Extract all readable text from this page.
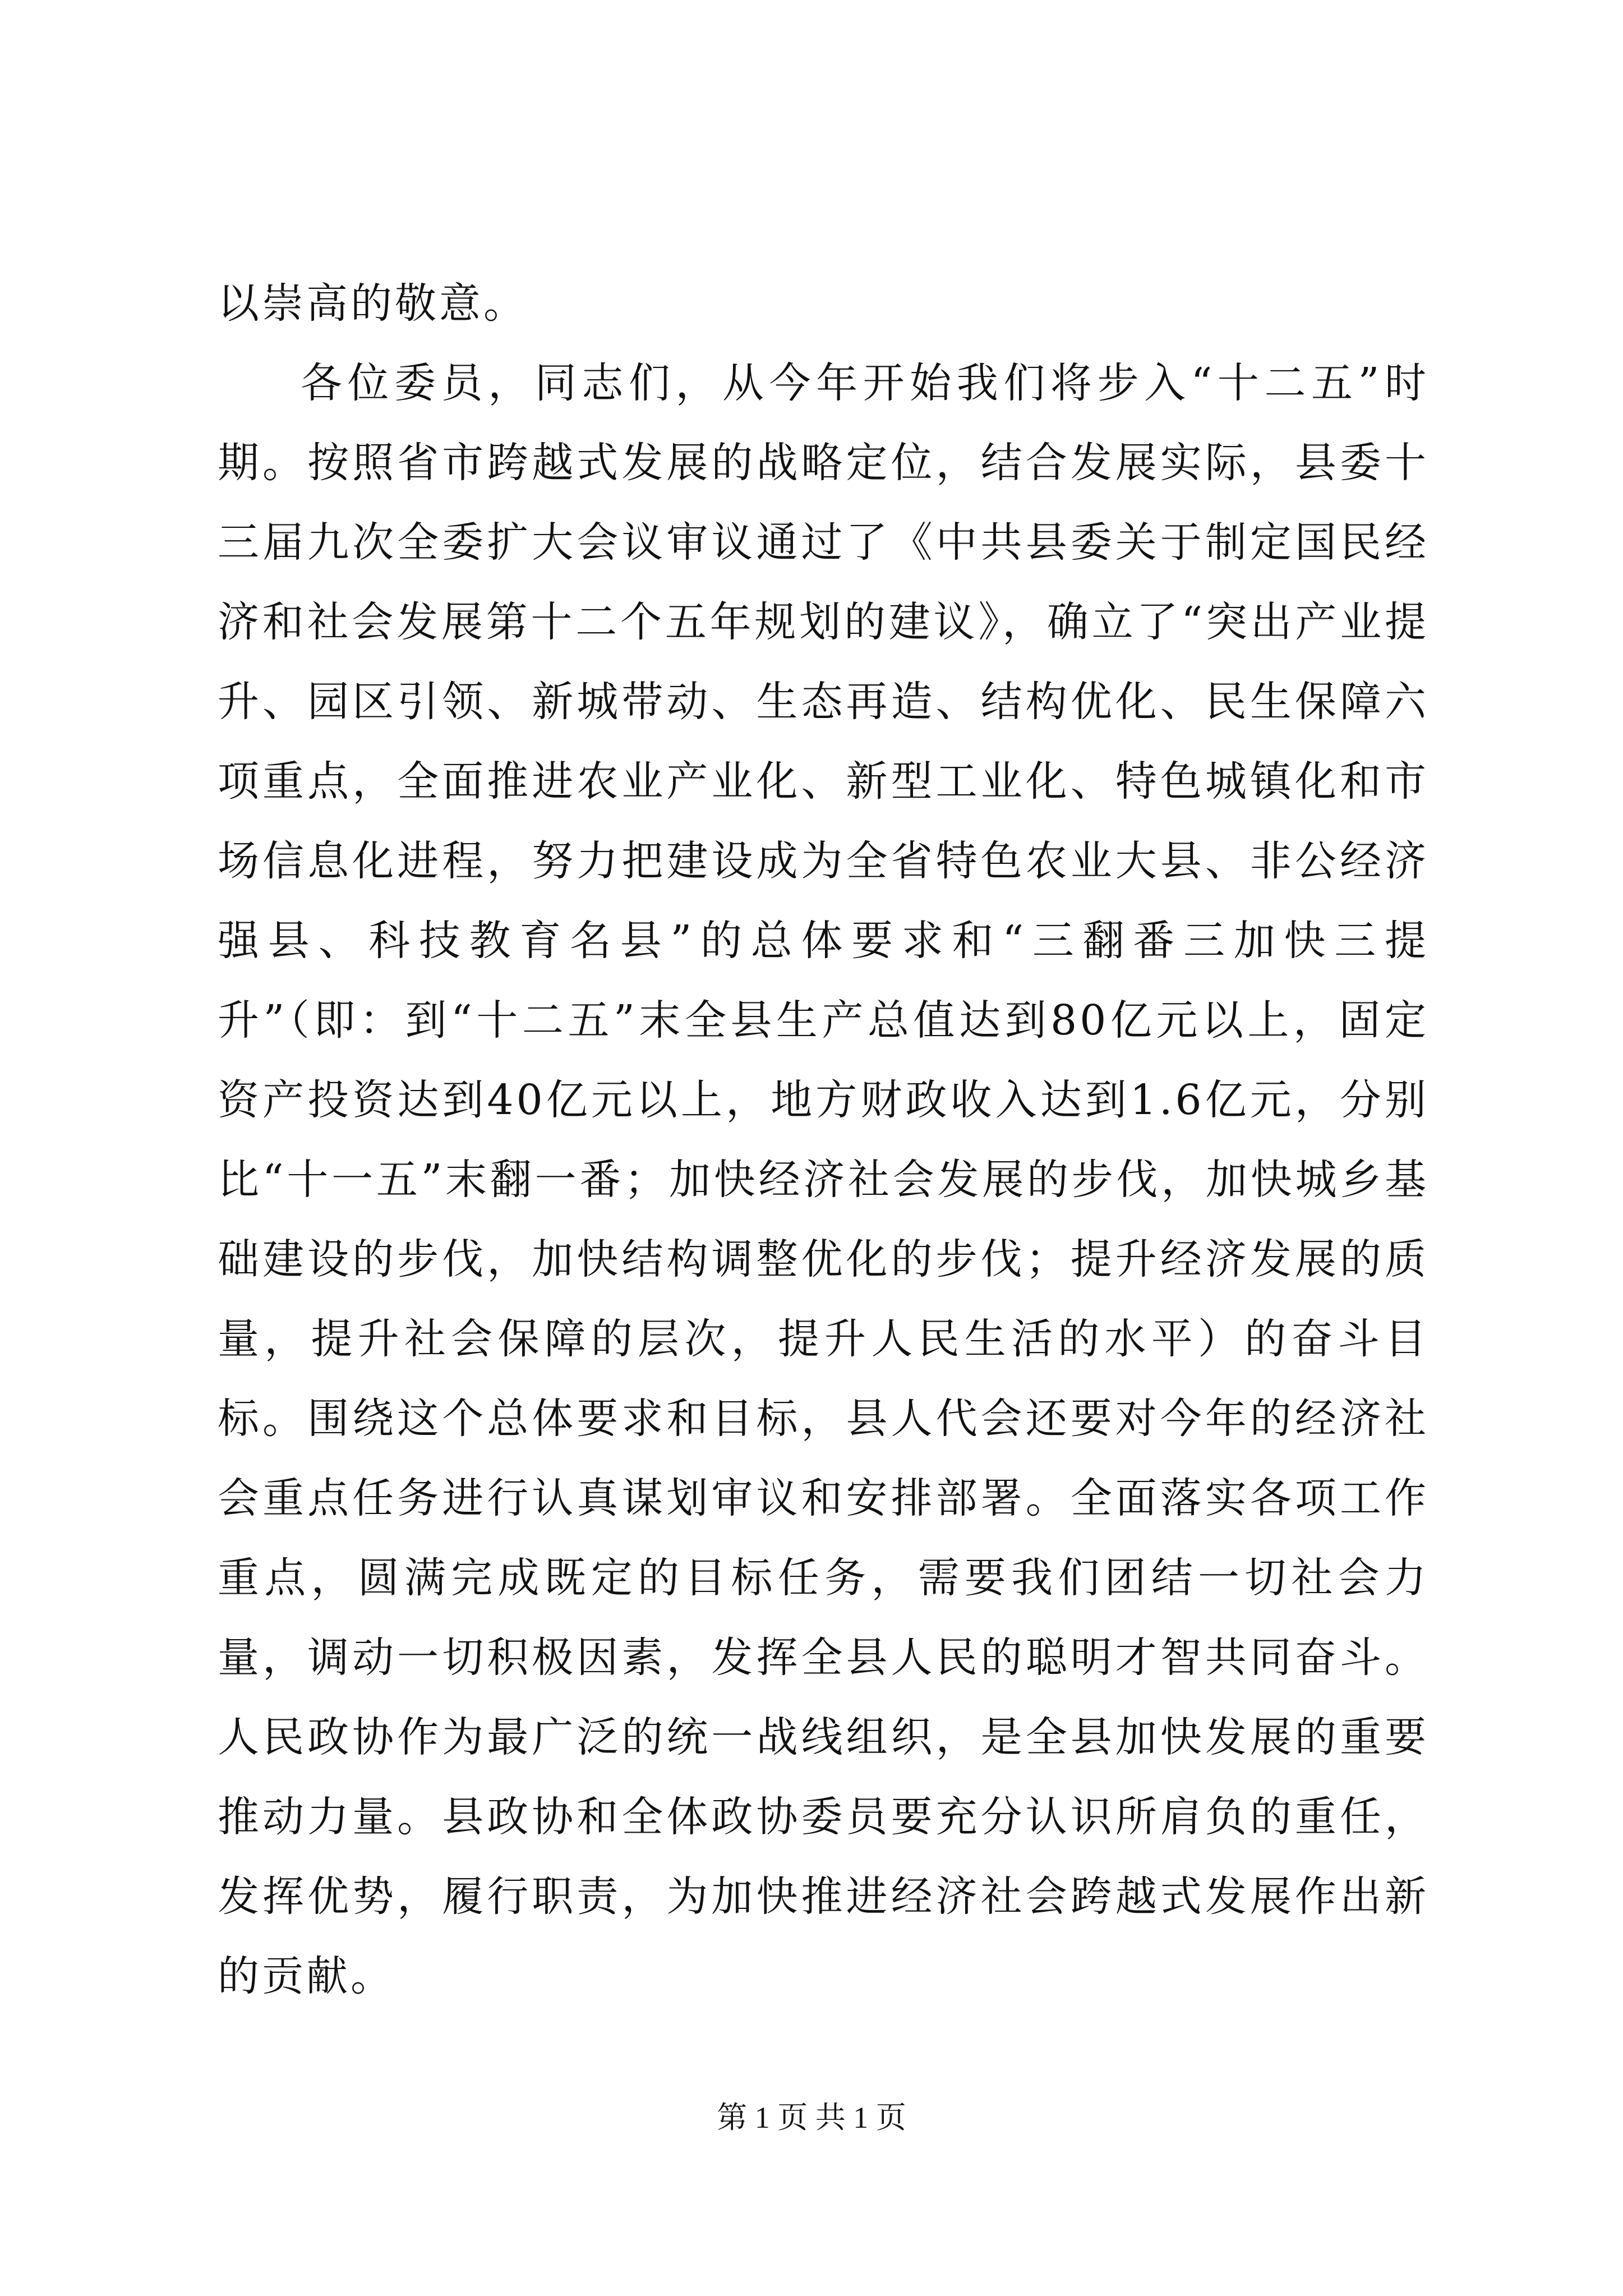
以崇高的敬意。

各位委员，同志们，从今年开始我们将步入“十二五”时期。按照省市跨越式发展的战略定位，结合发展实际，县委十三届九次全委扩大会议审议通过了《中共县委关于制定国民经济和社会发展第十二个五年规划的建议》，确立了“突出产业提升、园区引领、新城带动、生态再造、结构优化、民生保障六项重点，全面推进农业产业化、新型工业化、特色城镇化和市场信息化进程，努力把建设成为全省特色农业大县、非公经济强县、科技教育名县”的总体要求和“三翻番三加快三提升”（即：到“十二五”末全县生产总值达到80亿元以上，固定资产投资达到40亿元以上，地方财政收入达到1.6亿元，分别比“十一五”末翻一番；加快经济社会发展的步伐，加快城乡基础建设的步伐，加快结构调整优化的步伐；提升经济发展的质量，提升社会保障的层次，提升人民生活的水平）的奋斗目标。围绕这个总体要求和目标，县人代会还要对今年的经济社会重点任务进行认真谋划审议和安排部署。全面落实各项工作重点，圆满完成既定的目标任务，需要我们团结一切社会力量，调动一切积极因素，发挥全县人民的聪明才智共同奋斗。人民政协作为最广泛的统一战线组织，是全县加快发展的重要推动力量。县政协和全体政协委员要充分认识所肩负的重任，发挥优势，履行职责，为加快推进经济社会跨越式发展作出新的贡献。

第 1 页 共 1 页
